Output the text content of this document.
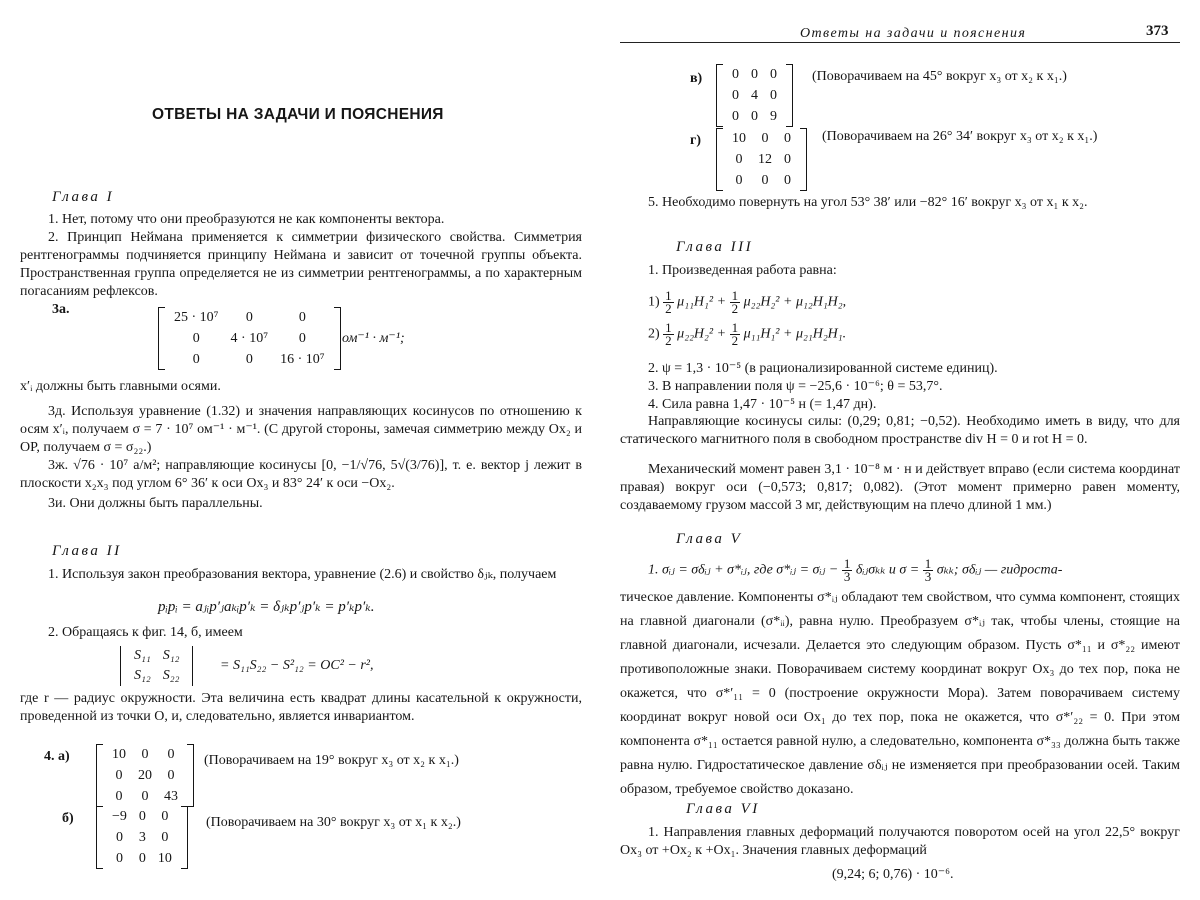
ОТВЕТЫ НА ЗАДАЧИ И ПОЯСНЕНИЯ
Глава I
1. Нет, потому что они преобразуются не как компоненты вектора.
2. Принцип Неймана применяется к симметрии физического свойства. Симметрия рентгенограммы подчиняется принципу Неймана и зависит от точечной группы объекта. Пространственная группа определяется не из симметрии рентгенограммы, а по характерным погасаниям рефлексов.
3а.
25 · 10⁷	0	0
0	4 · 10⁷	0
0	0	16 · 10⁷
ом⁻¹ · м⁻¹;
x′ᵢ должны быть главными осями.
3д. Используя уравнение (1.32) и значения направляющих косинусов по отношению к осям x′ᵢ, получаем σ = 7 · 10⁷ ом⁻¹ · м⁻¹. (С другой стороны, замечая симметрию между Ox₂ и OP, получаем σ = σ₂₂.)
3ж. √76 · 10⁷ а/м²; направляющие косинусы [0, −1/√76, 5√(3/76)], т. е. вектор j лежит в плоскости x₂x₃ под углом 6° 36′ к оси Ox₃ и 83° 24′ к оси −Ox₂.
3и. Они должны быть параллельны.
Глава II
1. Используя закон преобразования вектора, уравнение (2.6) и свойство δⱼₖ, получаем
pᵢpᵢ = aⱼᵢp′ⱼaₖᵢp′ₖ = δⱼₖp′ⱼp′ₖ = p′ₖp′ₖ.
2. Обращаясь к фиг. 14, б, имеем
S₁₁	S₁₂
S₁₂	S₂₂
= S₁₁S₂₂ − S²₁₂ = OC² − r²,
где r — радиус окружности. Эта величина есть квадрат длины касательной к окружности, проведенной из точки O, и, следовательно, является инвариантом.
4. а)	10	0	0
0	20	0
0	0	43
(Поворачиваем на 19° вокруг x₃ от x₂ к x₁.)
б)	−9	0	0
0	3	0
0	0	10
(Поворачиваем на 30° вокруг x₃ от x₁ к x₂.)
Ответы на задачи и пояснения	373
в) 0	0	0
0	4	0
0	0	9
(Поворачиваем на 45° вокруг x₃ от x₂ к x₁.)
г) 10	0	0
0	12	0
0	0	0
(Поворачиваем на 26° 34′ вокруг x₃ от x₂ к x₁.)
5. Необходимо повернуть на угол 53° 38′ или −82° 16′ вокруг x₃ от x₁ к x₂.
Глава III
1. Произведенная работа равна:
$1) \frac{1}{2} \mu_{11}H_1^2 + \frac{1}{2} \mu_{22}H_2^2 + \mu_{12}H_1H_2$,
$2) \frac{1}{2} \mu_{22}H_2^2 + \frac{1}{2} \mu_{11}H_1^2 + \mu_{21}H_2H_1$.
2. ψ = 1,3 · 10⁻⁵ (в рационализированной системе единиц).
3. В направлении поля ψ = −25,6 · 10⁻⁶; θ = 53,7°.
4. Сила равна 1,47 · 10⁻⁵ н (= 1,47 дн).
Направляющие косинусы силы: (0,29; 0,81; −0,52). Необходимо иметь в виду, что для статического магнитного поля в свободном пространстве div H = 0 и rot H = 0.
Механический момент равен 3,1 · 10⁻⁸ м · н и действует вправо (если система координат правая) вокруг оси (−0,573; 0,817; 0,082). (Этот момент примерно равен моменту, создаваемому грузом массой 3 мг, действующим на плечо длиной 1 мм.)
Глава V
1. σᵢⱼ = σδᵢⱼ + σ*ᵢⱼ, где σ*ᵢⱼ = σᵢⱼ − $\frac{1}{3}$ δᵢⱼσₖₖ и $\sigma = \frac{1}{3} \sigma_{kk}$; σδᵢⱼ — гидроста-
тическое давление. Компоненты σ*ᵢⱼ обладают тем свойством, что сумма компонент, стоящих на главной диагонали (σ*ᵢᵢ), равна нулю. Преобразуем σ*ᵢⱼ так, чтобы члены, стоящие на главной диагонали, исчезали. Делается это следующим образом. Пусть σ*₁₁ и σ*₂₂ имеют противоположные знаки. Поворачиваем систему координат вокруг Ox₃ до тех пор, пока не окажется, что σ*′₁₁ = 0 (построение окружности Мора). Затем поворачиваем систему координат вокруг новой оси Ox₁ до тех пор, пока не окажется, что σ*′₂₂ = 0. При этом компонента σ*₁₁ остается равной нулю, а следовательно, компонента σ*₃₃ должна быть также равна нулю. Гидростатическое давление σδᵢⱼ не изменяется при преобразовании осей. Таким образом, требуемое свойство доказано.
Глава VI
1. Направления главных деформаций получаются поворотом осей на угол 22,5° вокруг Ox₃ от +Ox₂ к +Ox₁. Значения главных деформаций
(9,24; 6; 0,76) · 10⁻⁶.
